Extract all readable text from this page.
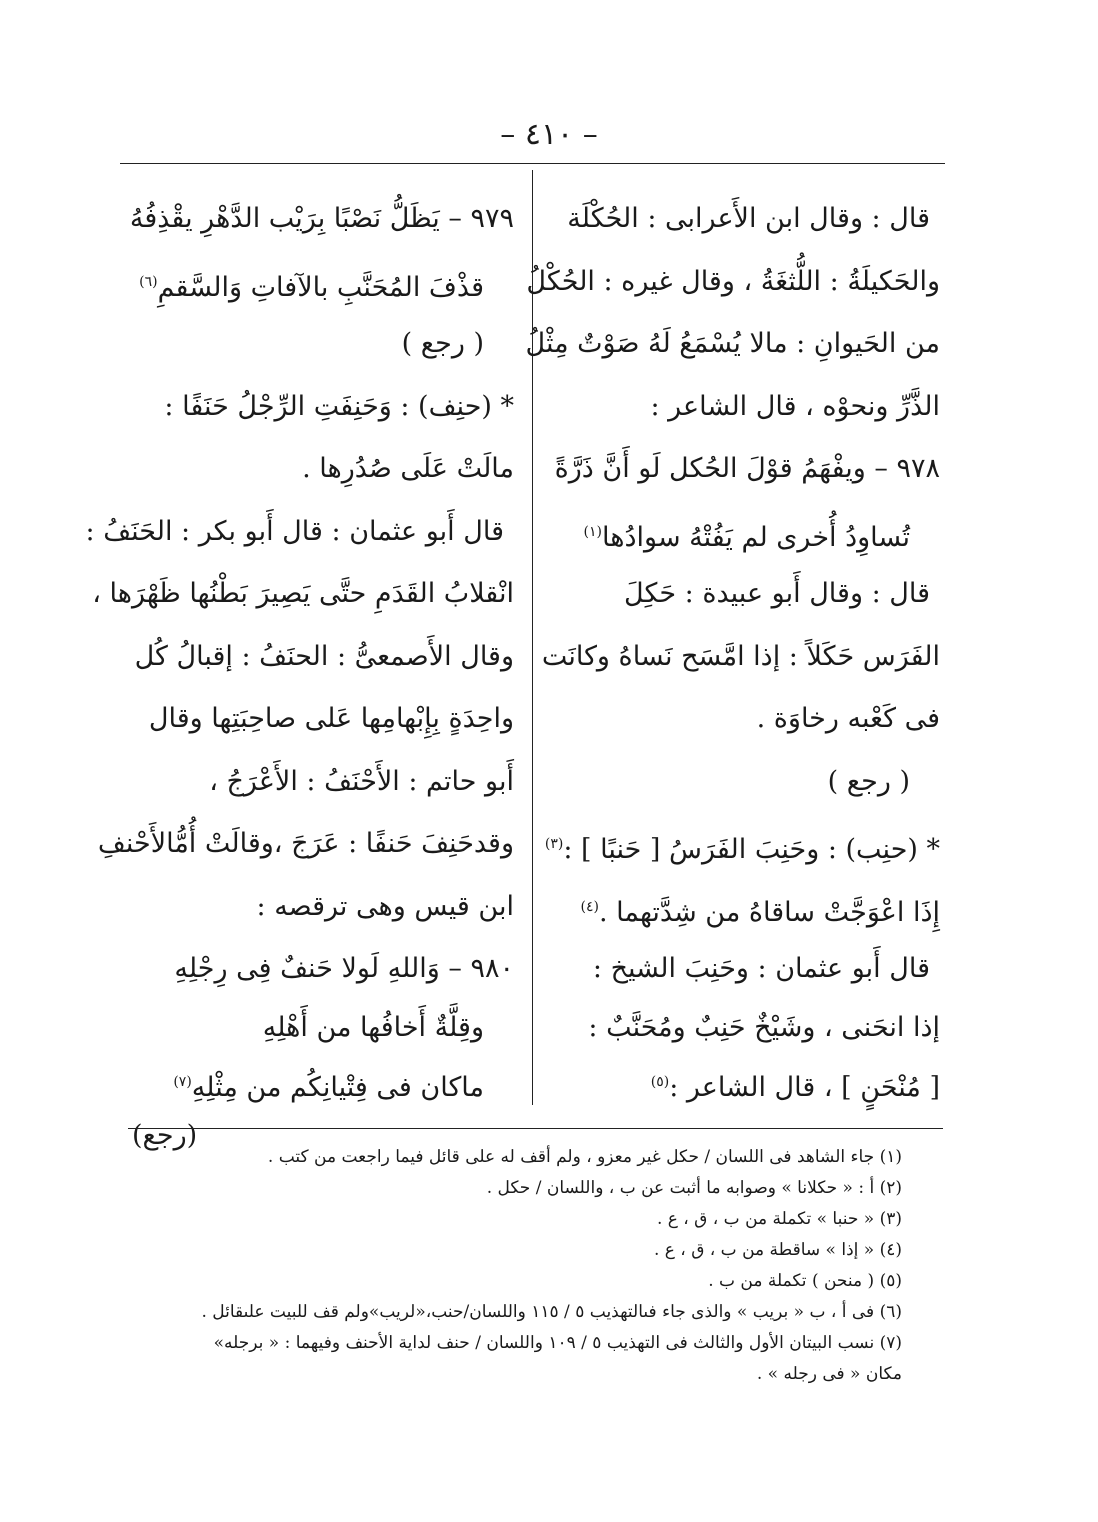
– ٤١٠ –
قال : وقال ابن الأَعرابى : الحُكْلَة
والحَكيلَةُ : اللُّثغَةُ ، وقال غيره : الحُكْلُ
من الحَيوانِ : مالا يُسْمَعُ لَهُ صَوْتٌ مِثْلُ
الذَّرِّ ونحوْه ، قال الشاعر :
٩٧٨ – ويفْهَمُ قوْلَ الحُكل لَو أَنَّ ذَرَّةً
تُساوِدُ أُخرى لم يَفُتْهُ سوادُها$^{(١)}$
قال : وقال أَبو عبيدة : حَكِلَ
الفَرَس حَكَلاً : إذا امَّسَح نَساهُ وكانَت
فى كَعْبه رخاوَة .
( رجع )
* (حنِب) : وحَنِبَ الفَرَسُ [ حَنبًا ] :$^{(٣)}$
إِذَا اعْوَجَّتْ ساقاهُ من شِدَّتهما .$^{(٤)}$
قال أَبو عثمان : وحَنِبَ الشيخ :
إذا انحَنى ، وشَيْخٌ حَنِبٌ ومُحَنَّبٌ :
[ مُنْحَنٍ ] ، قال الشاعر :$^{(٥)}$
٩٧٩ – يَظَلُّ نَصْبًا بِرَيْب الدَّهْرِ يقْذِفُهُ
قذْفَ المُحَنَّبِ بالآفاتِ وَالسَّقمِ$^{(٦)}$
( رجع )
* (حنِف) : وَحَنِفَتِ الرِّجْلُ حَنَفًا :
مالَتْ عَلَى صُدُرِها .
قال أَبو عثمان : قال أَبو بكر : الحَنَفُ :
انْقلابُ القَدَمِ حتَّى يَصِيرَ بَطْنُها ظَهْرَها ،
وقال الأَصمعىُّ : الحنَفُ : إقبالُ كُل
واحِدَةٍ بِإِبْهامِها عَلى صاحِبَتِها وقال
أَبو حاتم : الأَحْنَفُ : الأَعْرَجُ ،
وقدحَنِفَ حَنفًا : عَرَجَ ،وقالَتْ أُمُّالأَحْنفِ
ابن قيس وهى ترقصه :
٩٨٠ – وَاللهِ لَولا حَنفٌ فِى رِجْلِهِ
وقِلَّةٌ أَخافُها من أَهْلِهِ
ماكان فى فِتْيانِكُم من مِثْلِهِ$^{(٧)}$
(رجع)
(١) جاء الشاهد فى اللسان / حكل غير معزو ، ولم أقف له على قائل فيما راجعت من كتب .
(٢) أ : « حكلانا » وصوابه ما أثبت عن ب ، واللسان / حكل .
(٣) « حنبا » تكملة من ب ، ق ، ع .
(٤) « إذا » ساقطة من ب ، ق ، ع .
(٥) ( منحن ) تكملة من ب .
(٦) فى أ ، ب « بريب » والذى جاء فىالتهذيب ٥ / ١١٥ واللسان/حنب،«لريب»ولم قف للبيت علىقائل .
(٧) نسب البيتان الأول والثالث فى التهذيب ٥ / ١٠٩ واللسان / حنف لداية الأحنف وفيهما : « برجله»
مكان « فى رجله » .
